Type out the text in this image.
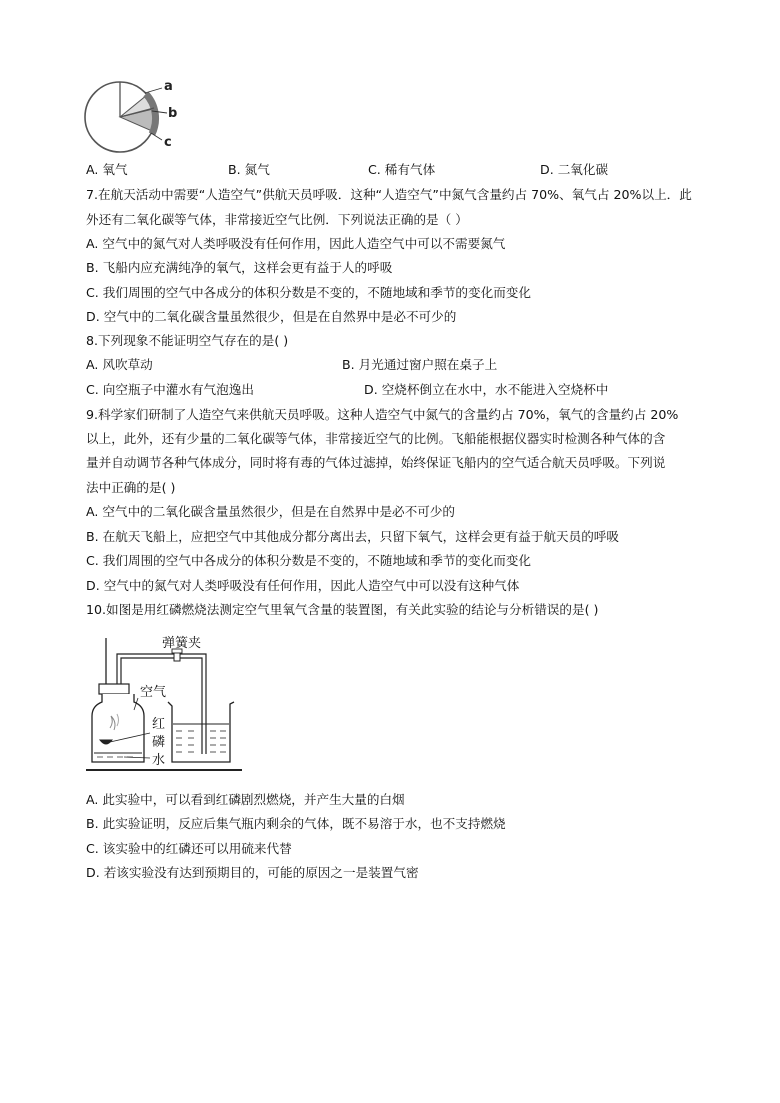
a
b
c
A. 氧气	B. 氮气	C. 稀有气体	D. 二氧化碳
7.在航天活动中需要“人造空气”供航天员呼吸．这种“人造空气”中氮气含量约占 70%、氧气占 20%以上．此
外还有二氧化碳等气体，非常接近空气比例．下列说法正确的是（ ）
A. 空气中的氮气对人类呼吸没有任何作用，因此人造空气中可以不需要氮气
B. 飞船内应充满纯净的氧气，这样会更有益于人的呼吸
C. 我们周围的空气中各成分的体积分数是不变的，不随地域和季节的变化而变化
D. 空气中的二氧化碳含量虽然很少，但是在自然界中是必不可少的
8.下列现象不能证明空气存在的是( )
A. 风吹草动	B. 月光通过窗户照在桌子上
C. 向空瓶子中灌水有气泡逸出	D. 空烧杯倒立在水中，水不能进入空烧杯中
9.科学家们研制了人造空气来供航天员呼吸。这种人造空气中氮气的含量约占 70%，氧气的含量约占 20%
以上，此外，还有少量的二氧化碳等气体，非常接近空气的比例。飞船能根据仪器实时检测各种气体的含
量并自动调节各种气体成分，同时将有毒的气体过滤掉，始终保证飞船内的空气适合航天员呼吸。下列说
法中正确的是( )
A. 空气中的二氧化碳含量虽然很少，但是在自然界中是必不可少的
B. 在航天飞船上，应把空气中其他成分都分离出去，只留下氧气，这样会更有益于航天员的呼吸
C. 我们周围的空气中各成分的体积分数是不变的，不随地域和季节的变化而变化
D. 空气中的氮气对人类呼吸没有任何作用，因此人造空气中可以没有这种气体
10.如图是用红磷燃烧法测定空气里氧气含量的装置图，有关此实验的结论与分析错误的是( )
弹簧夹
空气
红
磷
水
A. 此实验中，可以看到红磷剧烈燃烧，并产生大量的白烟
B. 此实验证明，反应后集气瓶内剩余的气体，既不易溶于水，也不支持燃烧
C. 该实验中的红磷还可以用硫来代替
D. 若该实验没有达到预期目的，可能的原因之一是装置气密
